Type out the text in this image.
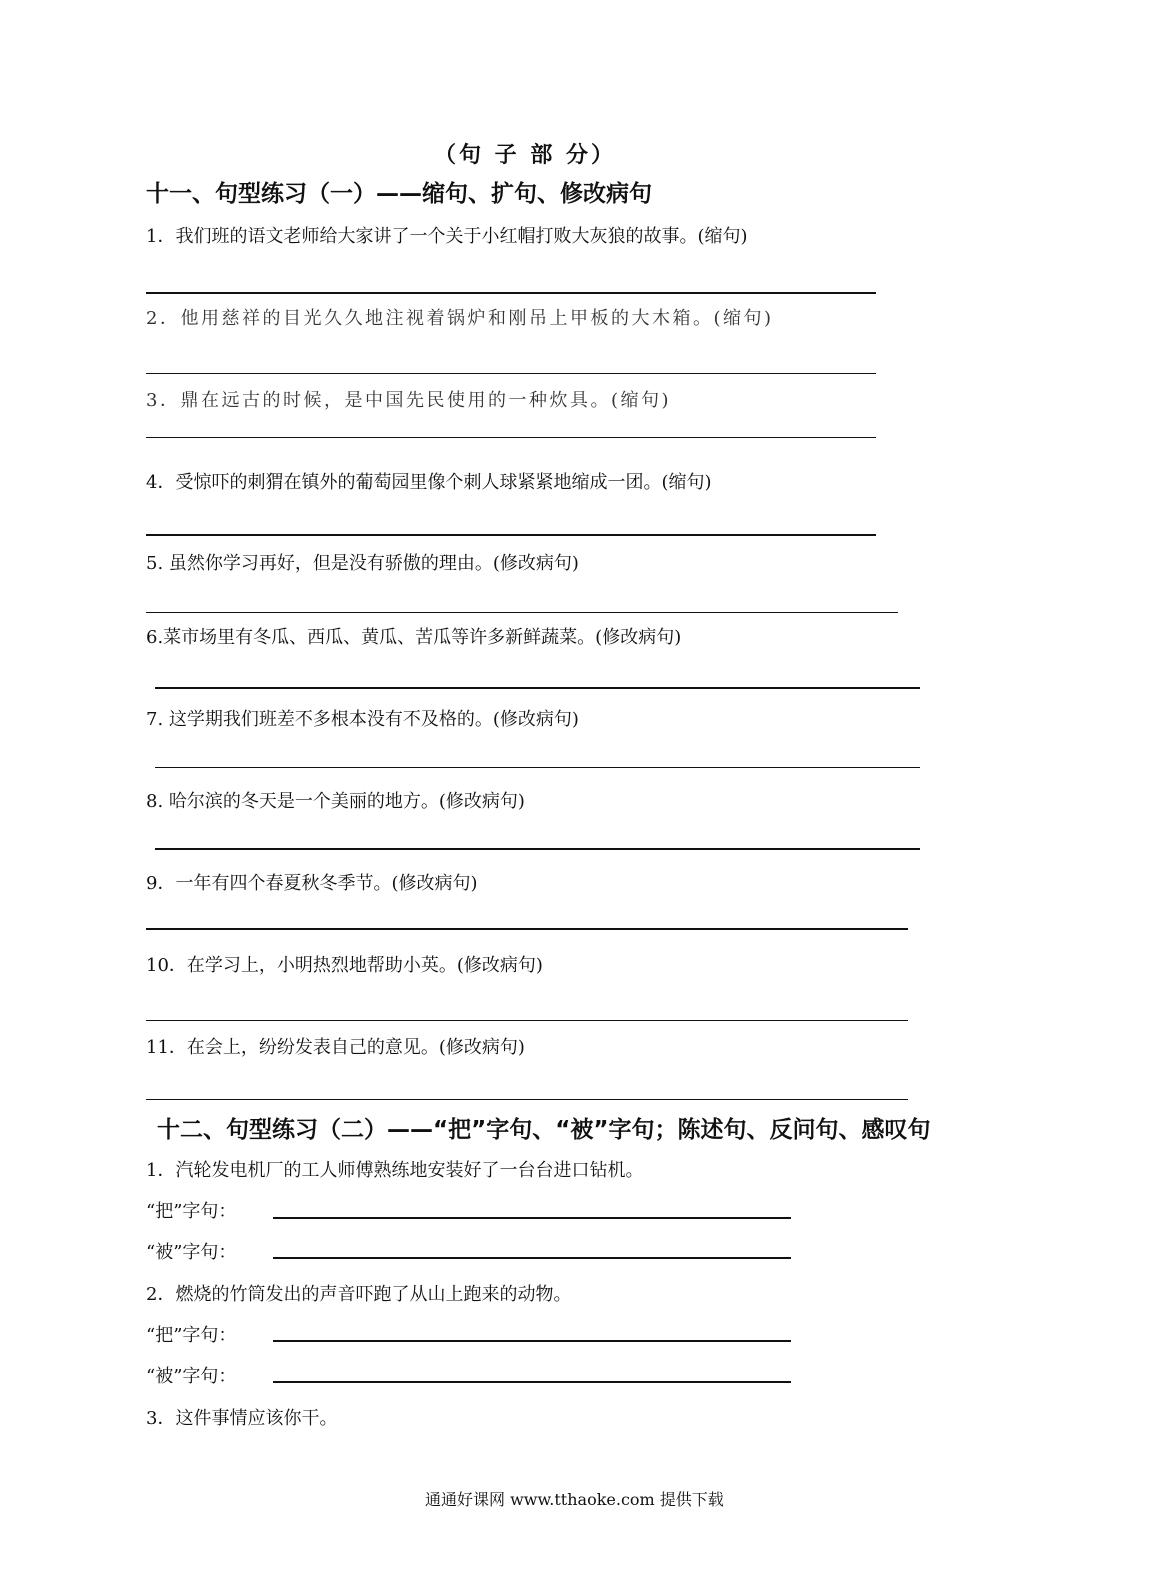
（句 子 部 分）
十一、句型练习（一）——缩句、扩句、修改病句
1．我们班的语文老师给大家讲了一个关于小红帽打败大灰狼的故事。(缩句)
2．他用慈祥的目光久久地注视着锅炉和刚吊上甲板的大木箱。(缩句)
3．鼎在远古的时候，是中国先民使用的一种炊具。(缩句)
4．受惊吓的刺猬在镇外的葡萄园里像个刺人球紧紧地缩成一团。(缩句)
5. 虽然你学习再好，但是没有骄傲的理由。(修改病句)
6.菜市场里有冬瓜、西瓜、黄瓜、苦瓜等许多新鲜蔬菜。(修改病句)
7. 这学期我们班差不多根本没有不及格的。(修改病句)
8. 哈尔滨的冬天是一个美丽的地方。(修改病句)
9．一年有四个春夏秋冬季节。(修改病句)
10．在学习上，小明热烈地帮助小英。(修改病句)
11．在会上，纷纷发表自己的意见。(修改病句)
十二、句型练习（二）——“把”字句、“被”字句；陈述句、反问句、感叹句
1．汽轮发电机厂的工人师傅熟练地安装好了一台台进口钻机。
“把”字句：
“被”字句：
2．燃烧的竹筒发出的声音吓跑了从山上跑来的动物。
“把”字句：
“被”字句：
3．这件事情应该你干。
通通好课网 www.tthaoke.com 提供下载
